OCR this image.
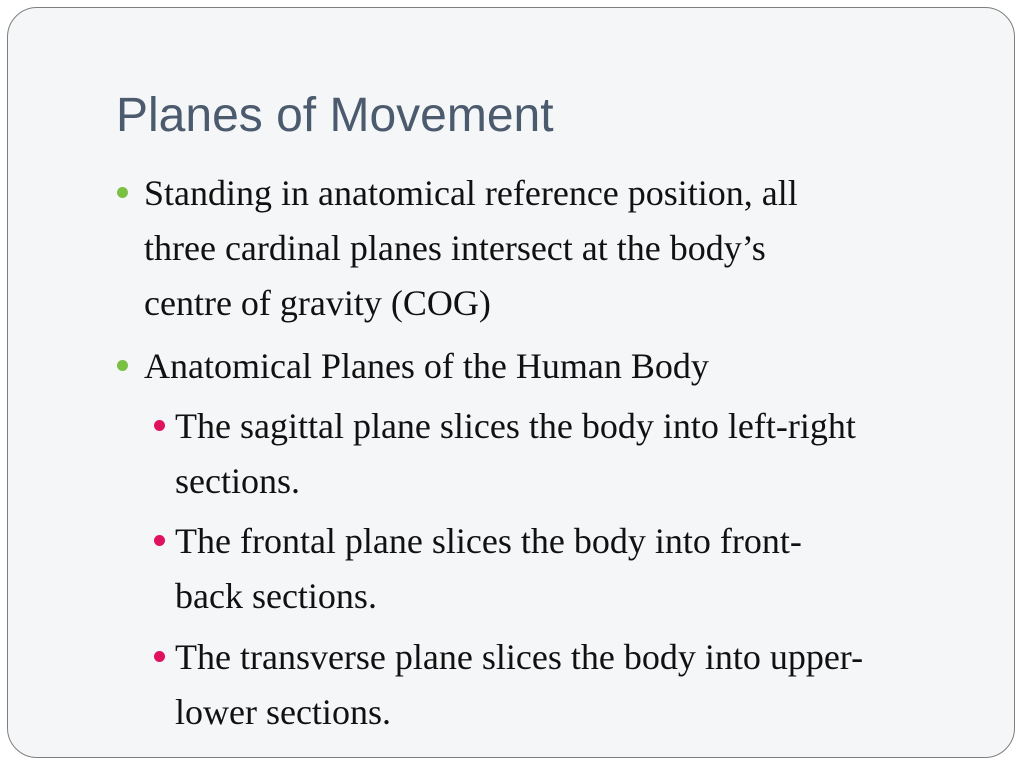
Planes of Movement
Standing in anatomical reference position, all
three cardinal planes intersect at the body’s
centre of gravity (COG)
Anatomical Planes of the Human Body
The sagittal plane slices the body into left-right
sections.
The frontal plane slices the body into front-
back sections.
The transverse plane slices the body into upper-
lower sections.
